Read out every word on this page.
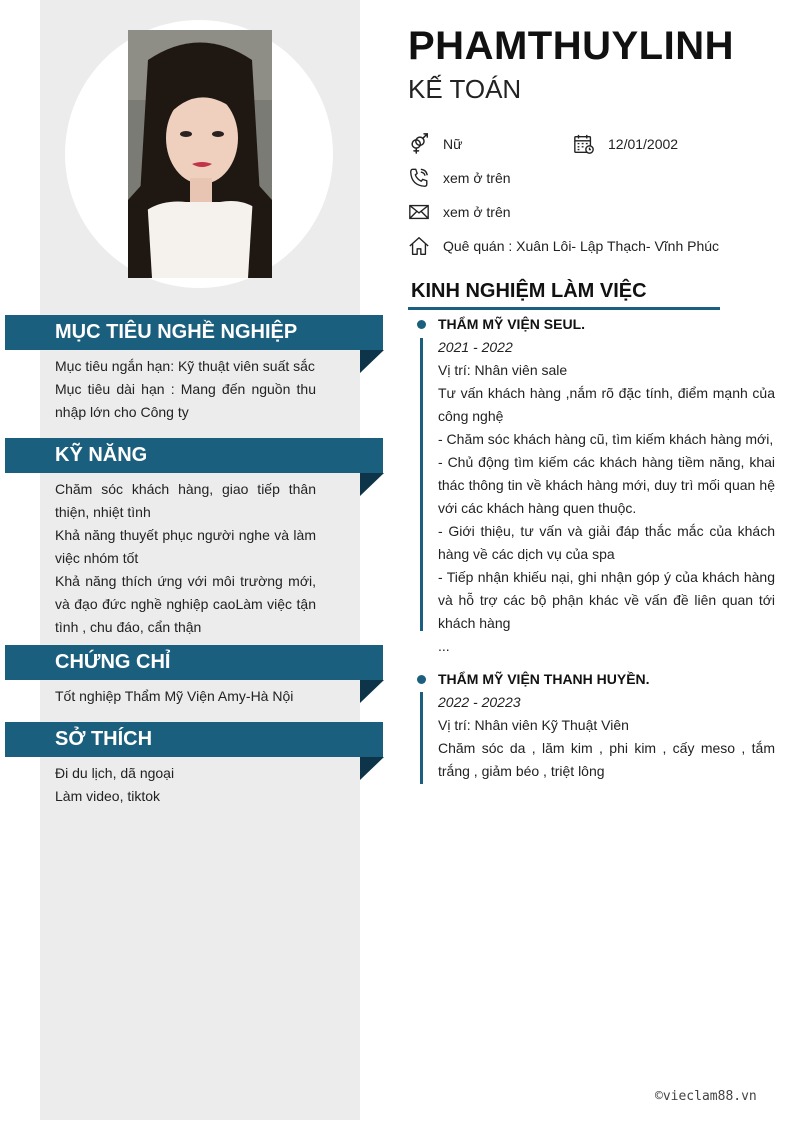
MỤC TIÊU NGHỀ NGHIỆP

Mục tiêu ngắn hạn: Kỹ thuật viên suất sắc

Mục tiêu dài hạn : Mang đến nguồn thu nhập lớn cho Công ty

KỸ NĂNG

Chăm sóc khách hàng, giao tiếp thân thiện, nhiệt tình

Khả năng thuyết phục người nghe và làm việc nhóm tốt

Khả năng thích ứng với môi trường mới, và đạo đức nghề nghiệp caoLàm việc tận tình , chu đáo, cẩn thận

CHỨNG CHỈ

Tốt nghiệp Thẩm Mỹ Viện Amy-Hà Nội

SỞ THÍCH

Đi du lịch, dã ngoại

Làm video, tiktok

PHAMTHUYLINH
KẾ TOÁN
Nữ	12/01/2002
xem ở trên
xem ở trên
Quê quán : Xuân Lôi- Lập Thạch- Vĩnh Phúc
KINH NGHIỆM LÀM VIỆC

THẨM MỸ VIỆN SEUL.

2021 - 2022

Vị trí: Nhân viên sale

Tư vấn khách hàng ,nắm rõ đặc tính, điểm mạnh của công nghệ

- Chăm sóc khách hàng cũ, tìm kiếm khách hàng mới,

- Chủ động tìm kiếm các khách hàng tiềm năng, khai thác thông tin về khách hàng mới, duy trì mối quan hệ với các khách hàng quen thuộc.

- Giới thiệu, tư vấn và giải đáp thắc mắc của khách hàng về các dịch vụ của spa

- Tiếp nhận khiếu nại, ghi nhận góp ý của khách hàng và hỗ trợ các bộ phận khác về vấn đề liên quan tới khách hàng

...

THẨM MỸ VIỆN THANH HUYỀN.

2022 - 20223

Vị trí: Nhân viên Kỹ Thuật Viên

Chăm sóc da , lăm kim , phi kim , cấy meso , tắm trắng , giảm béo , triệt lông

©vieclam88.vn
